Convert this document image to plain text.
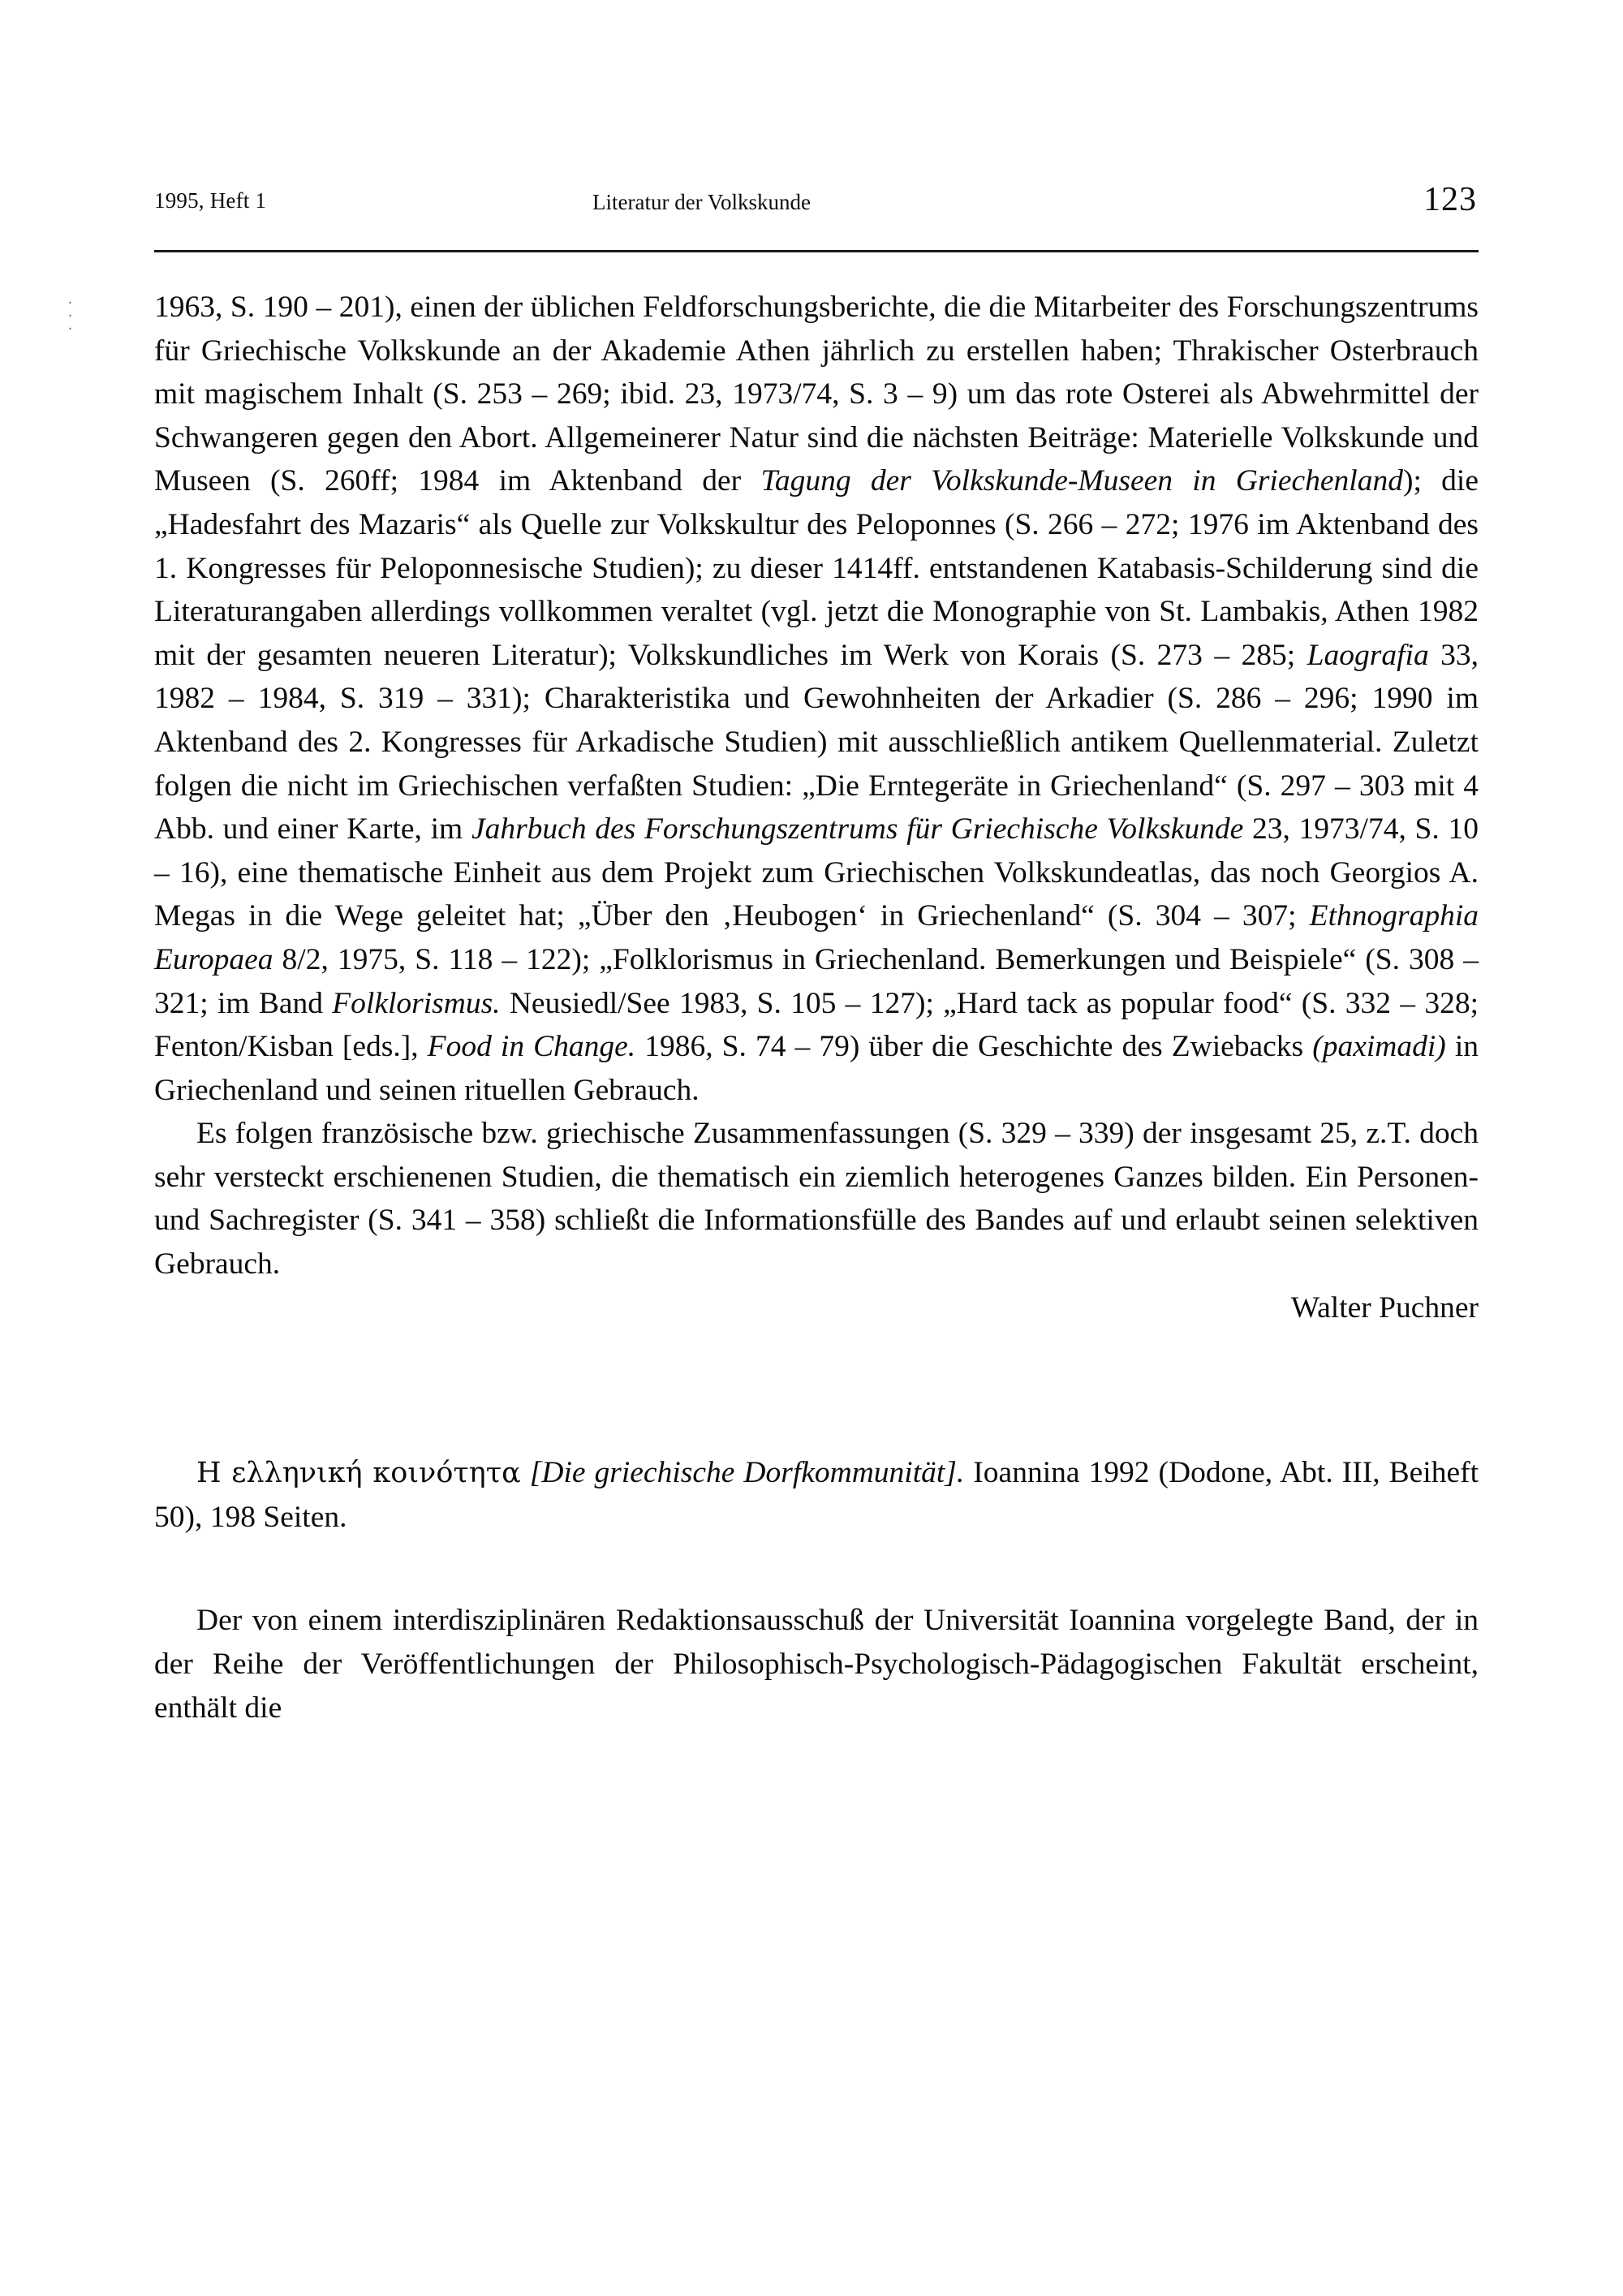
1995, Heft 1	Literatur der Volkskunde	123
.
.
.

1963, S. 190 – 201), einen der üblichen Feldforschungsberichte, die die Mitarbeiter des Forschungszentrums für Griechische Volkskunde an der Akademie Athen jährlich zu erstellen haben; Thrakischer Osterbrauch mit magischem Inhalt (S. 253 – 269; ibid. 23, 1973/74, S. 3 – 9) um das rote Osterei als Abwehrmittel der Schwangeren gegen den Abort. Allgemeinerer Natur sind die nächsten Beiträge: Materielle Volkskunde und Museen (S. 260ff; 1984 im Aktenband der Tagung der Volkskunde-Museen in Griechenland); die „Hadesfahrt des Mazaris“ als Quelle zur Volkskultur des Peloponnes (S. 266 – 272; 1976 im Aktenband des 1. Kongresses für Peloponnesische Studien); zu dieser 1414ff. entstandenen Katabasis-Schilderung sind die Literaturangaben allerdings vollkommen veraltet (vgl. jetzt die Monographie von St. Lambakis, Athen 1982 mit der gesamten neueren Literatur); Volkskundliches im Werk von Korais (S. 273 – 285; Laografia 33, 1982 – 1984, S. 319 – 331); Charakteristika und Gewohnheiten der Arkadier (S. 286 – 296; 1990 im Aktenband des 2. Kongresses für Arkadische Studien) mit ausschließlich antikem Quellenmaterial. Zuletzt folgen die nicht im Griechischen verfaßten Studien: „Die Erntegeräte in Griechenland“ (S. 297 – 303 mit 4 Abb. und einer Karte, im Jahrbuch des Forschungszentrums für Griechische Volkskunde 23, 1973/74, S. 10 – 16), eine thematische Einheit aus dem Projekt zum Griechischen Volkskundeatlas, das noch Georgios A. Megas in die Wege geleitet hat; „Über den ‚Heubogen‘ in Griechenland“ (S. 304 – 307; Ethnographia Europaea 8/2, 1975, S. 118 – 122); „Folklorismus in Griechenland. Bemerkungen und Beispiele“ (S. 308 – 321; im Band Folklorismus. Neusiedl/See 1983, S. 105 – 127); „Hard tack as popular food“ (S. 332 – 328; Fenton/Kisban [eds.], Food in Change. 1986, S. 74 – 79) über die Geschichte des Zwiebacks (paximadi) in Griechenland und seinen rituellen Gebrauch.

Es folgen französische bzw. griechische Zusammenfassungen (S. 329 – 339) der insgesamt 25, z.T. doch sehr versteckt erschienenen Studien, die thematisch ein ziemlich heterogenes Ganzes bilden. Ein Personen- und Sachregister (S. 341 – 358) schließt die Informationsfülle des Bandes auf und erlaubt seinen selektiven Gebrauch.

Walter Puchner

Η ελληνική κοινότητα [Die griechische Dorfkommunität]. Ioannina 1992 (Dodone, Abt. III, Beiheft 50), 198 Seiten.

Der von einem interdisziplinären Redaktionsausschuß der Universität Ioannina vorgelegte Band, der in der Reihe der Veröffentlichungen der Philosophisch-Psychologisch-Pädagogischen Fakultät erscheint, enthält die
